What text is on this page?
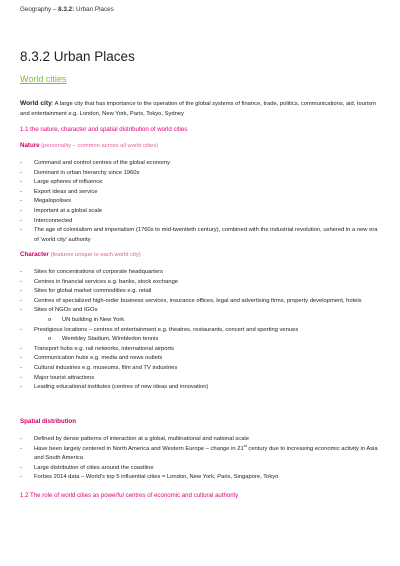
Geography – 8.3.2: Urban Places
8.3.2 Urban Places
World cities
World city: A large city that has importance to the operation of the global systems of finance, trade, politics, communications, aid, tourism and entertainment e.g. London, New York, Paris, Tokyo, Sydney
1.1 the nature, character and spatial distribution of world cities
Nature (personality – common across all world cities)
- Command and control centres of the global economy
- Dominant in urban hierarchy since 1960s
- Large spheres of influence
- Export ideas and service
- Megalopolises
- Important at a global scale
- Interconnected
- The age of colonialism and imperialism (1760s to mid-twentieth century), combined with the industrial revolution, ushered in a new era of 'world city' authority
Character (features unique to each world city)
- Sites for concentrations of corporate headquarters
- Centres in financial services e.g. banks, stock exchange
- Sites for global market commodities e.g. retail
- Centres of specialized high-order business services, insurance offices, legal and advertising firms, property development, hotels
- Sites of NGOs and IGOs
o UN building in New York
- Prestigious locations – centres of entertainment e.g. theatres, restaurants, concert and sporting venues
o Wembley Stadium, Wimbledon tennis
- Transport hubs e.g. rail networks, international airports
- Communication hubs e.g. media and news outlets
- Cultural industries e.g. museums, film and TV industries
- Major tourist attractions
- Leading educational institutes (centres of new ideas and innovation)
Spatial distribution
- Defined by dense patterns of interaction at a global, multinational and national scale
- Have been largely centered in North America and Western Europe – change in 21st century due to increasing economic activity in Asia and South America
- Large distribution of cities around the coastline
- Forbes 2014 data – World's top 5 influential cities = London, New York, Paris, Singapore, Tokyo
1.2 The role of world cities as powerful centres of economic and cultural authority
